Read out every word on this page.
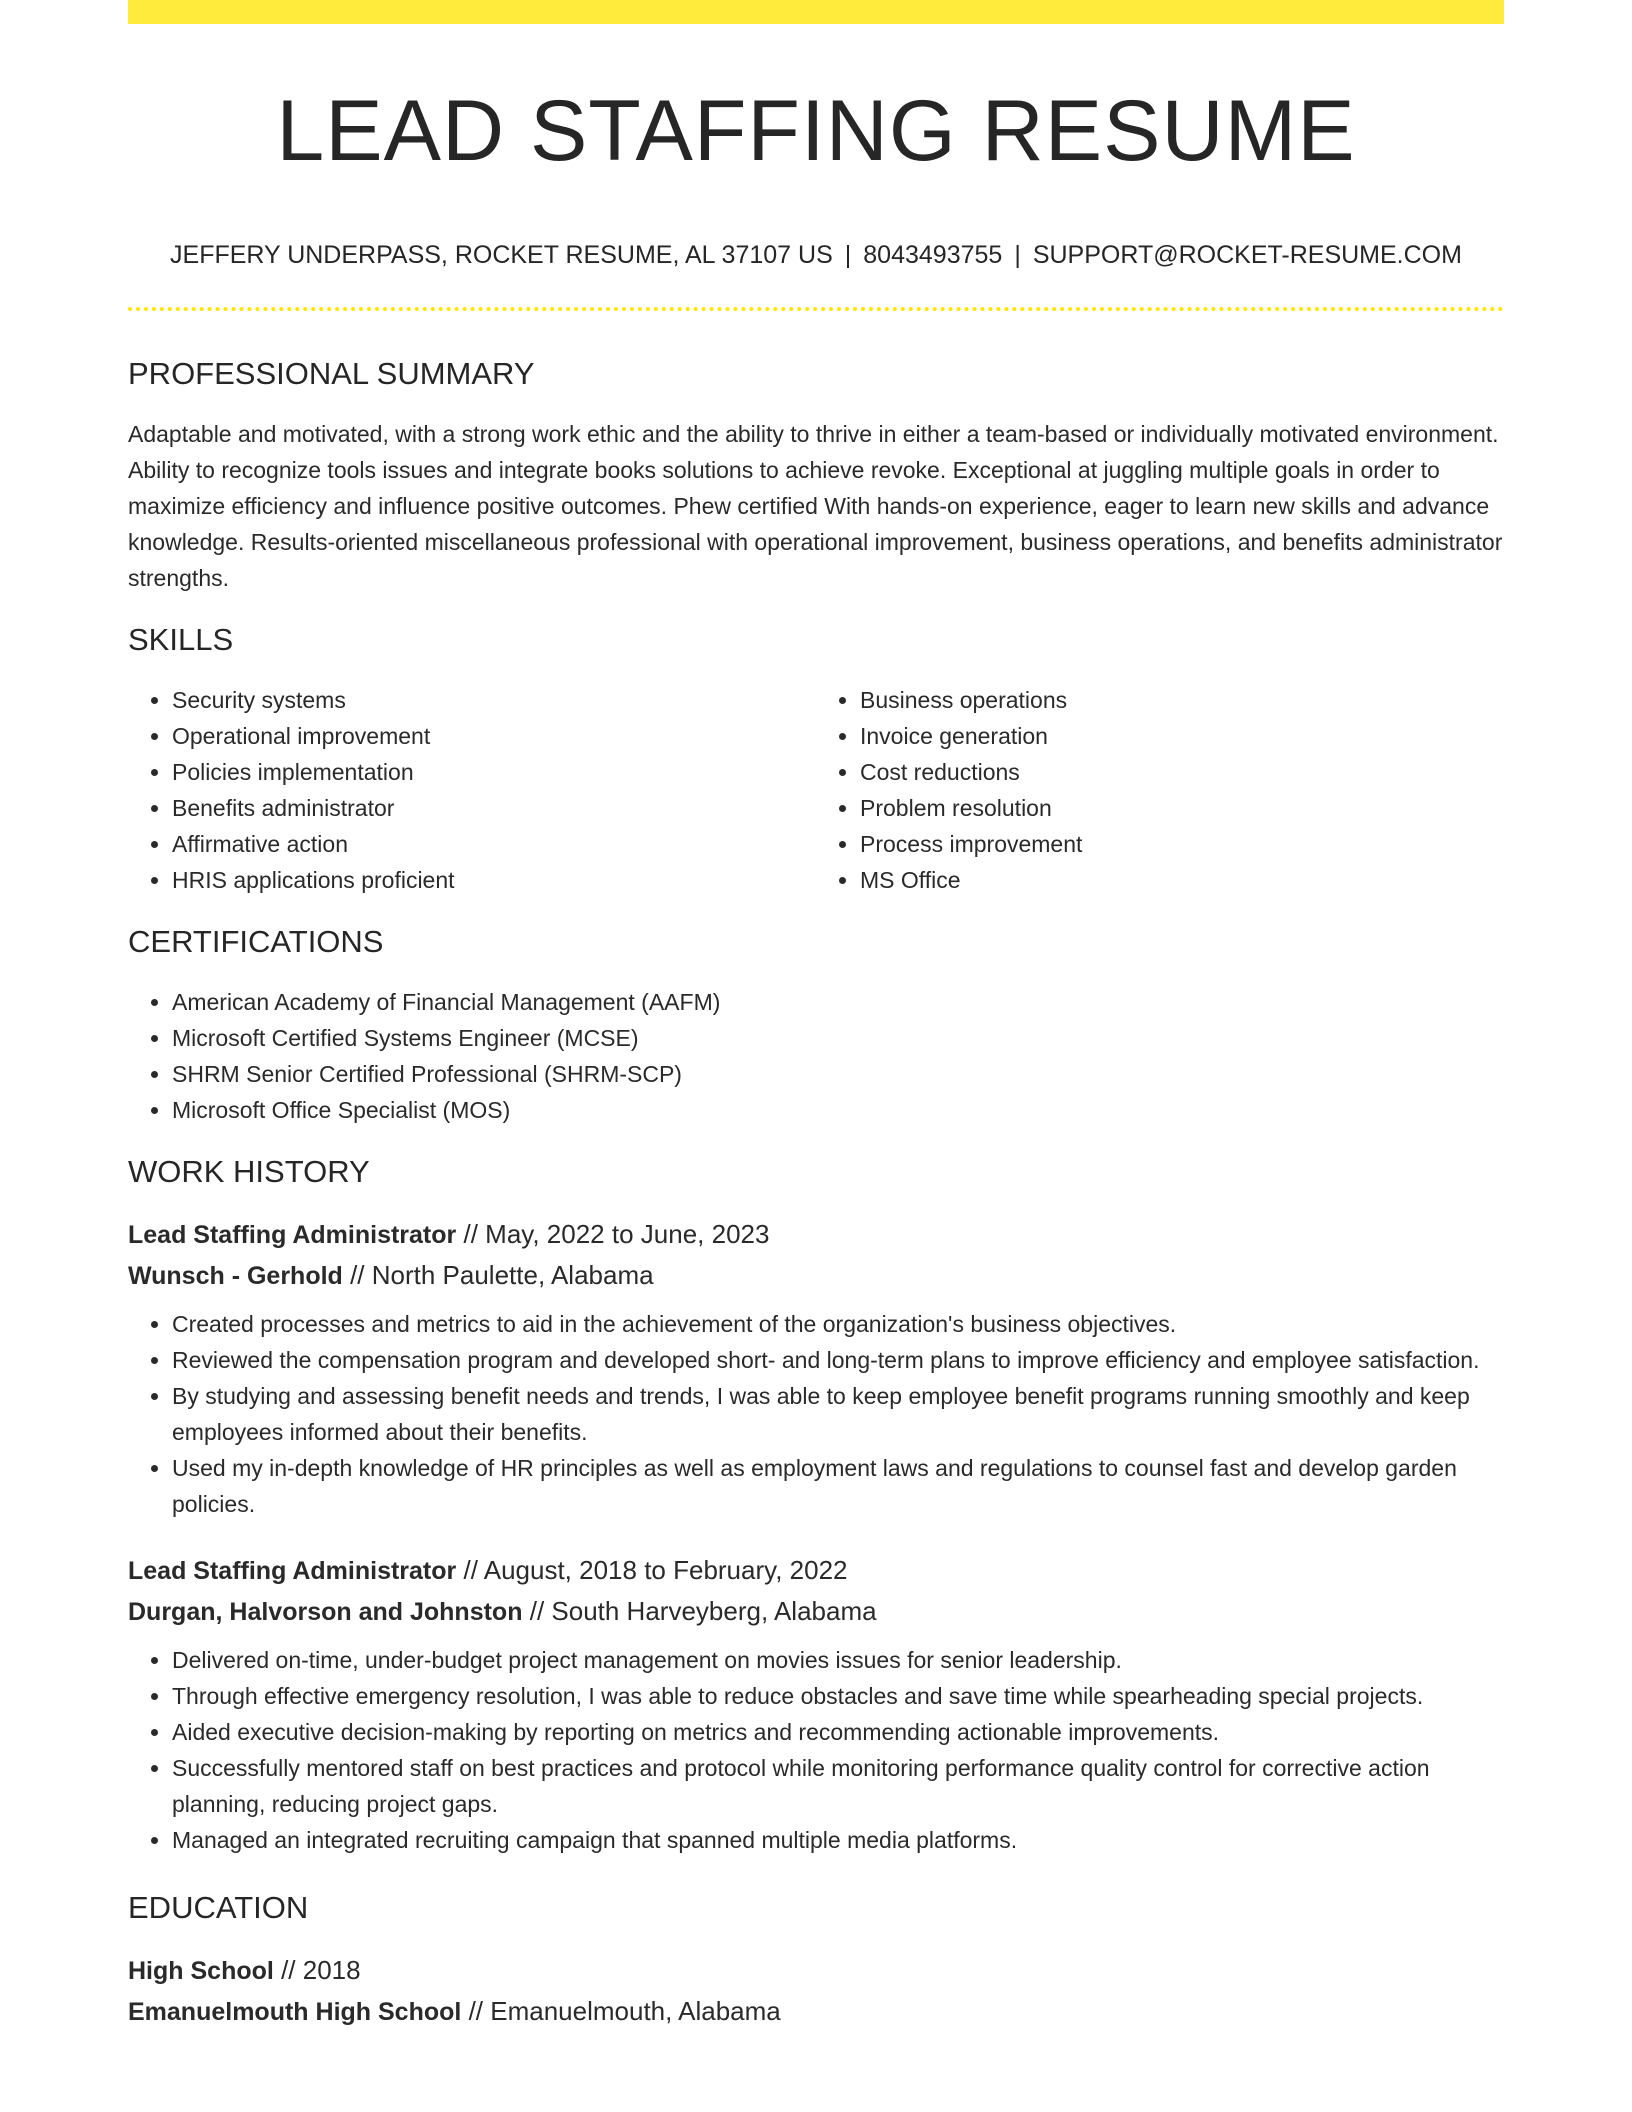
LEAD STAFFING RESUME
JEFFERY UNDERPASS, ROCKET RESUME, AL 37107 US | 8043493755 | SUPPORT@ROCKET-RESUME.COM
PROFESSIONAL SUMMARY

Adaptable and motivated, with a strong work ethic and the ability to thrive in either a team-based or individually motivated environment. Ability to recognize tools issues and integrate books solutions to achieve revoke. Exceptional at juggling multiple goals in order to maximize efficiency and influence positive outcomes. Phew certified With hands-on experience, eager to learn new skills and advance knowledge. Results-oriented miscellaneous professional with operational improvement, business operations, and benefits administrator strengths.

SKILLS
• Security systems
• Operational improvement
• Policies implementation
• Benefits administrator
• Affirmative action
• HRIS applications proficient
• Business operations
• Invoice generation
• Cost reductions
• Problem resolution
• Process improvement
• MS Office
CERTIFICATIONS
• American Academy of Financial Management (AAFM)
• Microsoft Certified Systems Engineer (MCSE)
• SHRM Senior Certified Professional (SHRM-SCP)
• Microsoft Office Specialist (MOS)
WORK HISTORY
Lead Staffing Administrator // May, 2022 to June, 2023
Wunsch - Gerhold // North Paulette, Alabama
• Created processes and metrics to aid in the achievement of the organization's business objectives.
• Reviewed the compensation program and developed short- and long-term plans to improve efficiency and employee satisfaction.
• By studying and assessing benefit needs and trends, I was able to keep employee benefit programs running smoothly and keep employees informed about their benefits.
• Used my in-depth knowledge of HR principles as well as employment laws and regulations to counsel fast and develop garden policies.
Lead Staffing Administrator // August, 2018 to February, 2022
Durgan, Halvorson and Johnston // South Harveyberg, Alabama
• Delivered on-time, under-budget project management on movies issues for senior leadership.
• Through effective emergency resolution, I was able to reduce obstacles and save time while spearheading special projects.
• Aided executive decision-making by reporting on metrics and recommending actionable improvements.
• Successfully mentored staff on best practices and protocol while monitoring performance quality control for corrective action planning, reducing project gaps.
• Managed an integrated recruiting campaign that spanned multiple media platforms.
EDUCATION
High School // 2018
Emanuelmouth High School // Emanuelmouth, Alabama
